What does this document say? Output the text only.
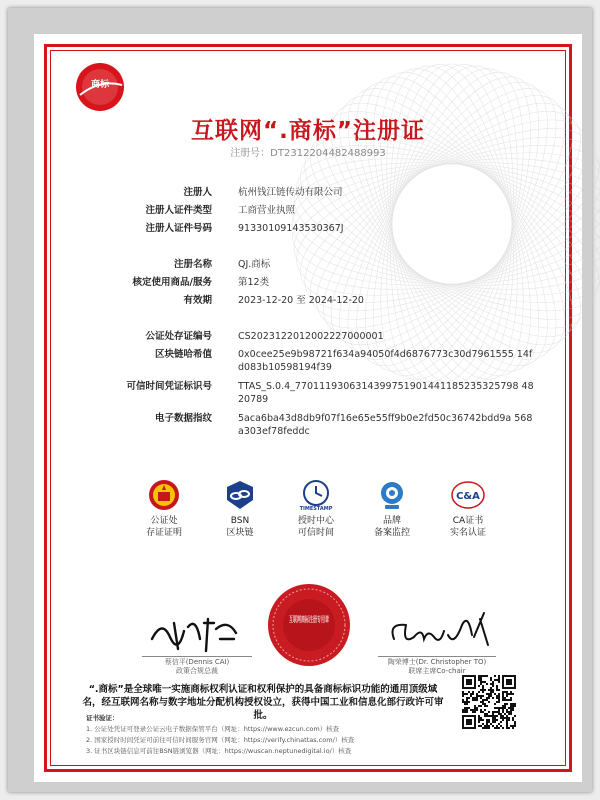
商标
互联网“.商标”注册证
注册号：DT2312204482488993
注册人	杭州钱江链传动有限公司
注册人证件类型	工商营业执照
注册人证件号码	91330109143530367J
注册名称	QJ.商标
核定使用商品/服务	第12类
有效期	2023-12-20 至 2024-12-20
公证处存证编号	CS2023122012002227000001
区块链哈希值	0x0cee25e9b98721f634a94050f4d6876773c30d7961555 14fd083b10598194f39
可信时间凭证标识号	TTAS_S.0.4_7701119306314399751901441185235325798 4820789
电子数据指纹	5aca6ba43d8db9f07f16e65e55ff9b0e2fd50c36742bdd9a 568a303ef78feddc
公证处
存证证明
BSN
区块链
TIMESTAMP
授时中心
可信时间
品牌
备案监控
C&A
CA证书
实名认证
蔡信平(Dennis CAI)
政策合规总裁
陶荣博士(Dr. Christopher TO)
联席主席Co-chair
“.商标”是全球唯一实施商标权利认证和权利保护的具备商标标识功能的通用顶级域名，经互联网名称与数字地址分配机构授权设立，获得中国工业和信息化部行政许可审批。
证书验证：
1. 公证处凭证可登录公证云电子数据保管平台（网址：https://www.ezcun.com）核查
2. 国家授时时间凭证可前往可信时间服务官网（网址：https://verify.chinattas.com/）核查
3. 证书区块链信息可前往BSN链浏览器（网址：https://wuscan.neptunedigital.io/）核查
